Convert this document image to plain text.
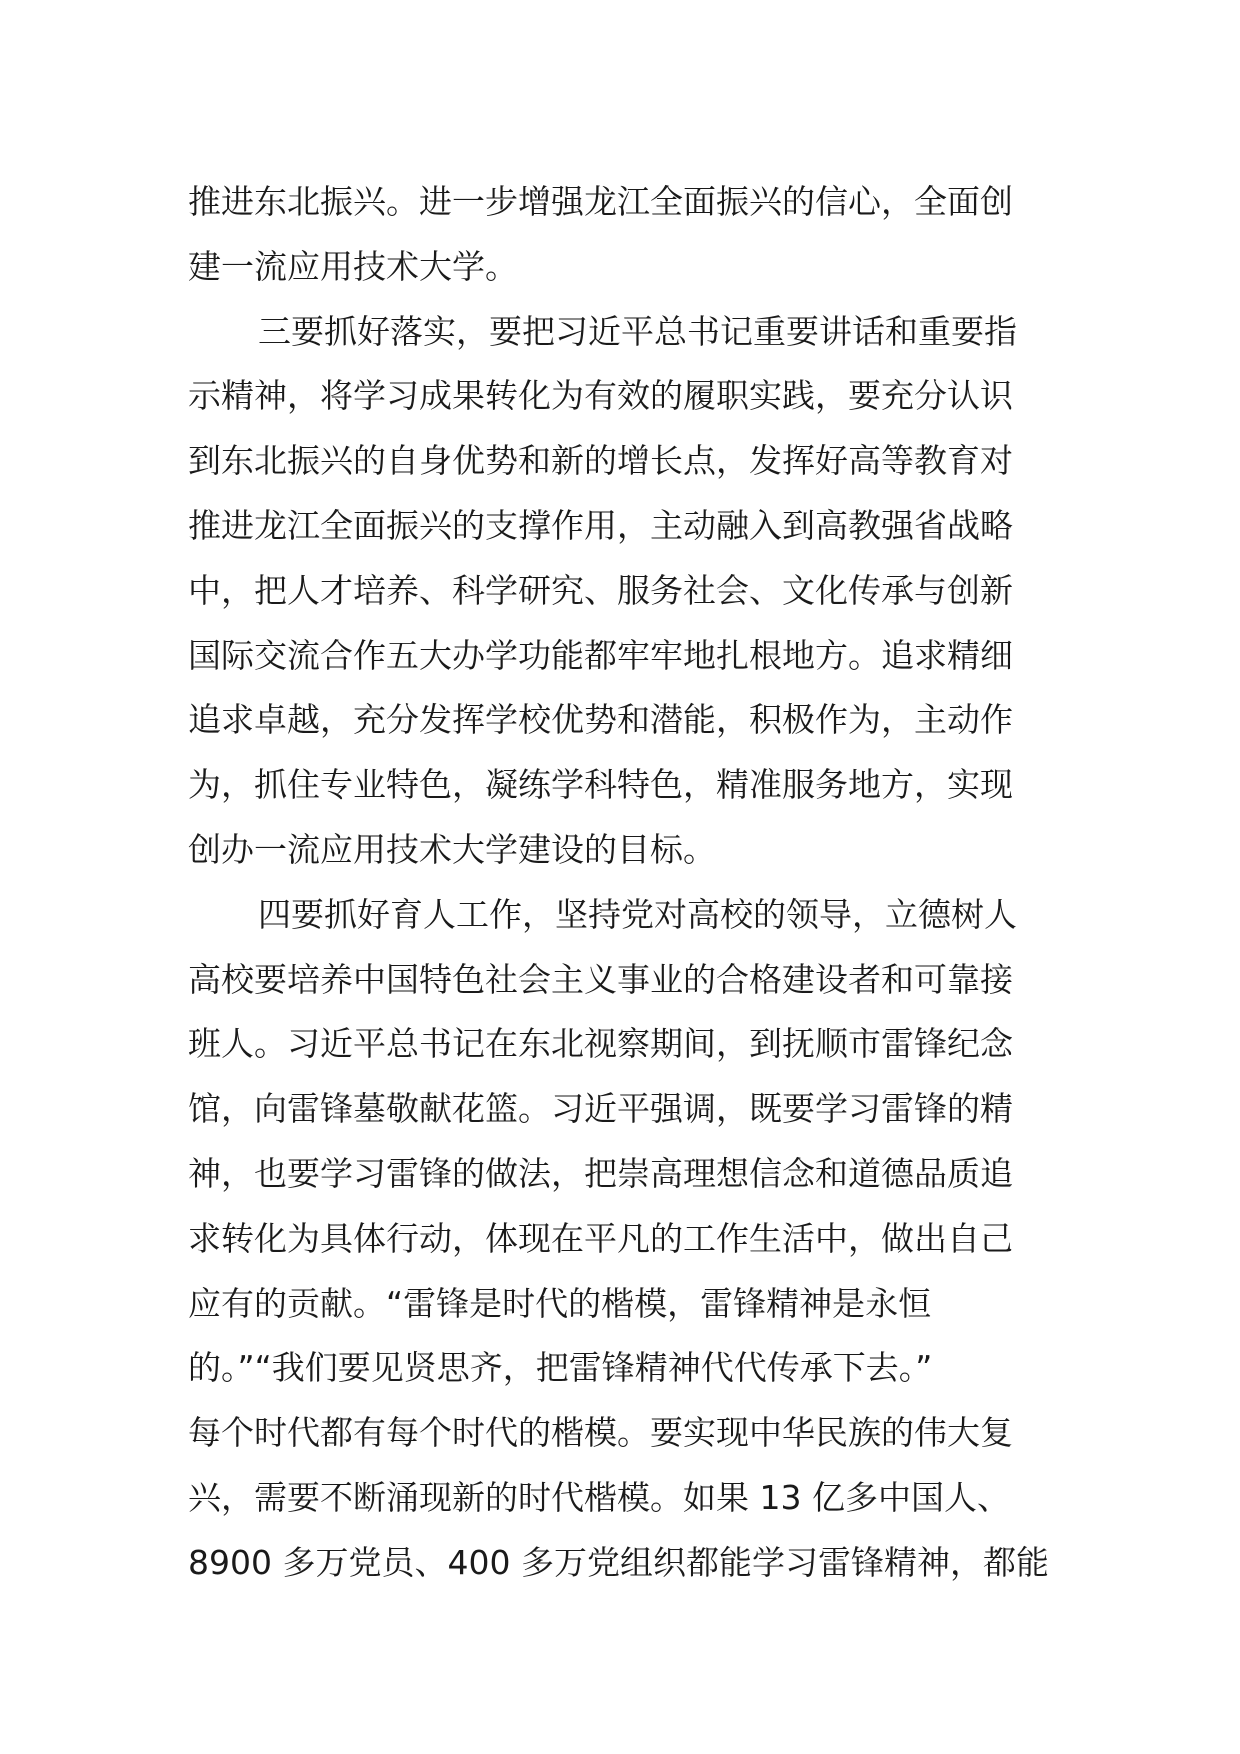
推进东北振兴。进一步增强龙江全面振兴的信心，全面创
建一流应用技术大学。
三要抓好落实，要把习近平总书记重要讲话和重要指
示精神，将学习成果转化为有效的履职实践，要充分认识
到东北振兴的自身优势和新的增长点，发挥好高等教育对
推进龙江全面振兴的支撑作用，主动融入到高教强省战略
中，把人才培养、科学研究、服务社会、文化传承与创新
国际交流合作五大办学功能都牢牢地扎根地方。追求精细
追求卓越，充分发挥学校优势和潜能，积极作为，主动作
为，抓住专业特色，凝练学科特色，精准服务地方，实现
创办一流应用技术大学建设的目标。
四要抓好育人工作，坚持党对高校的领导，立德树人
高校要培养中国特色社会主义事业的合格建设者和可靠接
班人。习近平总书记在东北视察期间，到抚顺市雷锋纪念
馆，向雷锋墓敬献花篮。习近平强调，既要学习雷锋的精
神，也要学习雷锋的做法，把崇高理想信念和道德品质追
求转化为具体行动，体现在平凡的工作生活中，做出自己
应有的贡献。“雷锋是时代的楷模，雷锋精神是永恒
的。”“我们要见贤思齐，把雷锋精神代代传承下去。”
每个时代都有每个时代的楷模。要实现中华民族的伟大复
兴，需要不断涌现新的时代楷模。如果 13 亿多中国人、
8900 多万党员、400 多万党组织都能学习雷锋精神，都能
